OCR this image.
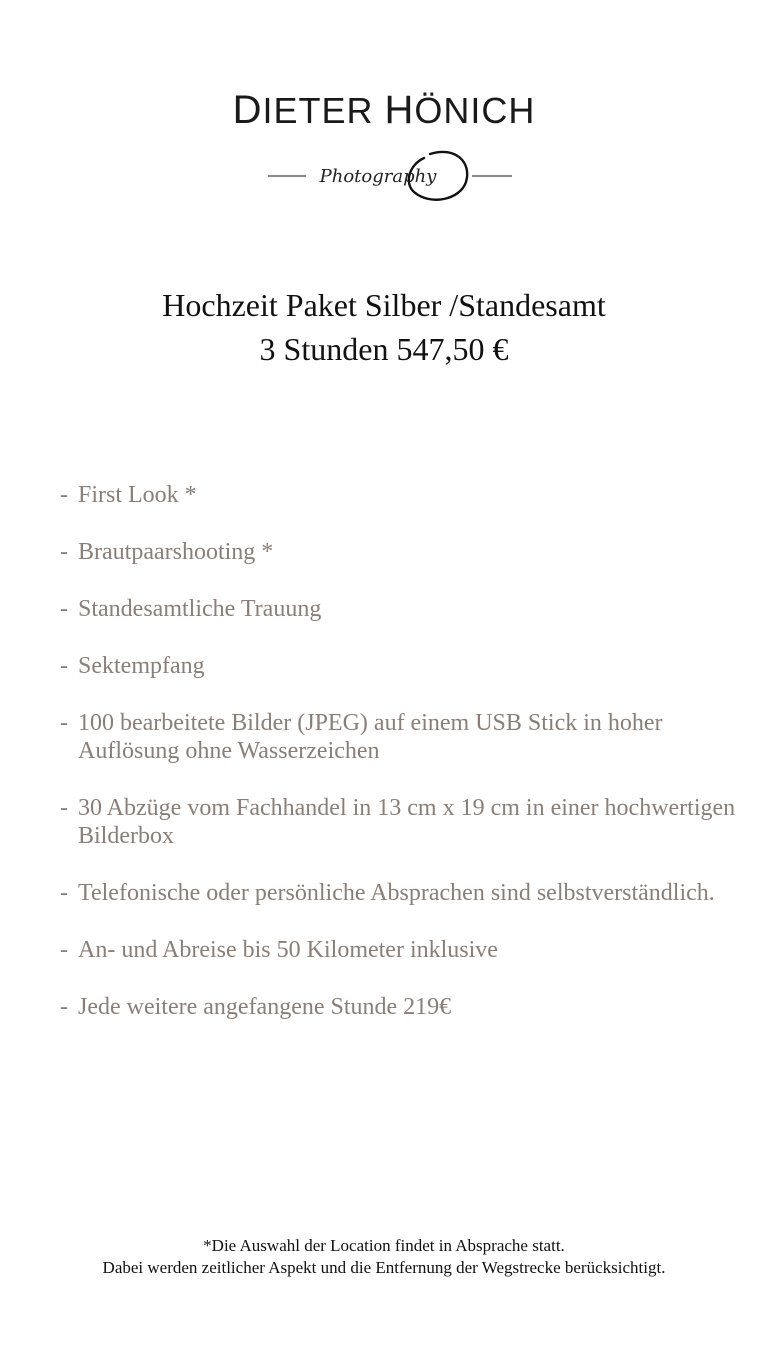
DIETER HÖNICH
Photography
Hochzeit Paket Silber /Standesamt
3 Stunden 547,50 €
- First Look *
- Brautpaarshooting *
- Standesamtliche Trauung
- Sektempfang
- 100 bearbeitete Bilder (JPEG) auf einem USB Stick in hoher Auflösung ohne Wasserzeichen
- 30 Abzüge vom Fachhandel in 13 cm x 19 cm in einer hochwertigen Bilderbox
- Telefonische oder persönliche Absprachen sind selbstverständlich.
- An- und Abreise bis 50 Kilometer inklusive
- Jede weitere angefangene Stunde 219€
*Die Auswahl der Location findet in Absprache statt.
Dabei werden zeitlicher Aspekt und die Entfernung der Wegstrecke berücksichtigt.
